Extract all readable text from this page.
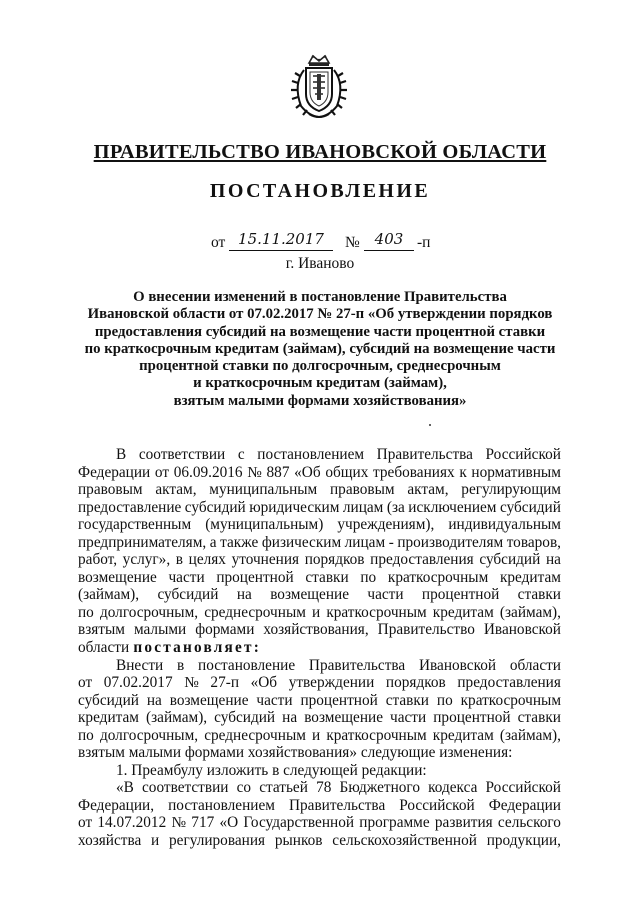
ПРАВИТЕЛЬСТВО ИВАНОВСКОЙ ОБЛАСТИ
ПОСТАНОВЛЕНИЕ
от 15.11.2017	№ 403 -п
г. Иваново
О внесении изменений в постановление Правительства
Ивановской области от 07.02.2017 № 27-п «Об утверждении порядков
предоставления субсидий на возмещение части процентной ставки
по краткосрочным кредитам (займам), субсидий на возмещение части
процентной ставки по долгосрочным, среднесрочным
и краткосрочным кредитам (займам),
взятым малыми формами хозяйствования»
В соответствии с постановлением Правительства Российской
Федерации от 06.09.2016 № 887 «Об общих требованиях к нормативным
правовым актам, муниципальным правовым актам, регулирующим
предоставление субсидий юридическим лицам (за исключением субсидий
государственным (муниципальным) учреждениям), индивидуальным
предпринимателям, а также физическим лицам - производителям товаров,
работ, услуг», в целях уточнения порядков предоставления субсидий на
возмещение части процентной ставки по краткосрочным кредитам
(займам), субсидий на возмещение части процентной ставки
по долгосрочным, среднесрочным и краткосрочным кредитам (займам),
взятым малыми формами хозяйствования, Правительство Ивановской
области постановляет:
Внести в постановление Правительства Ивановской области
от 07.02.2017 № 27-п «Об утверждении порядков предоставления
субсидий на возмещение части процентной ставки по краткосрочным
кредитам (займам), субсидий на возмещение части процентной ставки
по долгосрочным, среднесрочным и краткосрочным кредитам (займам),
взятым малыми формами хозяйствования» следующие изменения:
1. Преамбулу изложить в следующей редакции:
«В соответствии со статьей 78 Бюджетного кодекса Российской
Федерации, постановлением Правительства Российской Федерации
от 14.07.2012 № 717 «О Государственной программе развития сельского
хозяйства и регулирования рынков сельскохозяйственной продукции,
